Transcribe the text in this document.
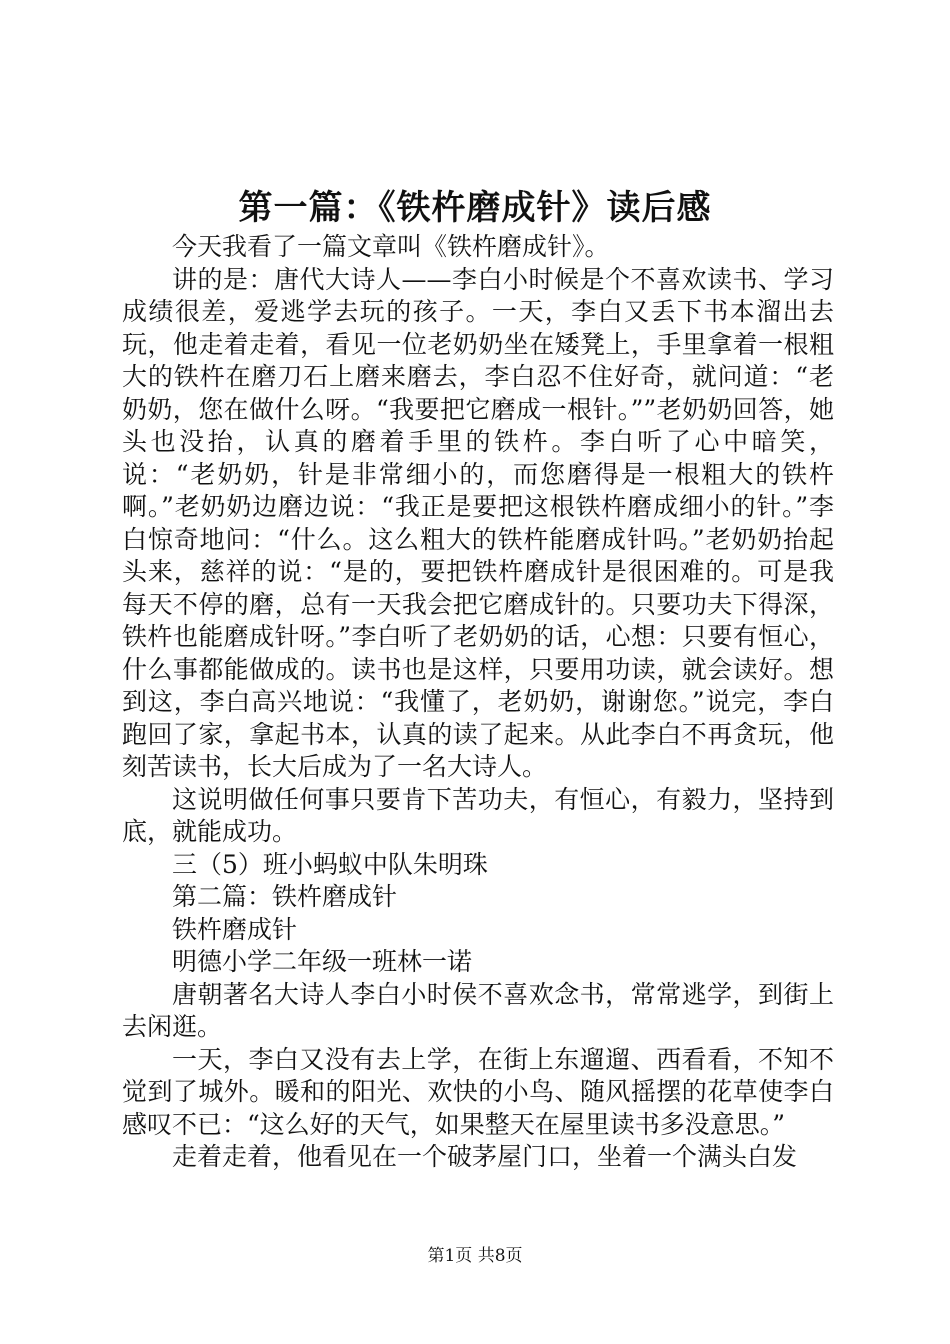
第一篇：《铁杵磨成针》读后感

今天我看了一篇文章叫《铁杵磨成针》。

讲的是：唐代大诗人——李白小时候是个不喜欢读书、学习成绩很差，爱逃学去玩的孩子。一天，李白又丢下书本溜出去玩，他走着走着，看见一位老奶奶坐在矮凳上，手里拿着一根粗大的铁杵在磨刀石上磨来磨去，李白忍不住好奇，就问道：“老奶奶，您在做什么呀。“我要把它磨成一根针。””老奶奶回答，她头也没抬，认真的磨着手里的铁杵。李白听了心中暗笑，说：“老奶奶，针是非常细小的，而您磨得是一根粗大的铁杵啊。”老奶奶边磨边说：“我正是要把这根铁杵磨成细小的针。”李白惊奇地问：“什么。这么粗大的铁杵能磨成针吗。”老奶奶抬起头来，慈祥的说：“是的，要把铁杵磨成针是很困难的。可是我每天不停的磨，总有一天我会把它磨成针的。只要功夫下得深，铁杵也能磨成针呀。”李白听了老奶奶的话，心想：只要有恒心，什么事都能做成的。读书也是这样，只要用功读，就会读好。想到这，李白高兴地说：“我懂了，老奶奶，谢谢您。”说完，李白跑回了家，拿起书本，认真的读了起来。从此李白不再贪玩，他刻苦读书，长大后成为了一名大诗人。

这说明做任何事只要肯下苦功夫，有恒心，有毅力，坚持到底，就能成功。

三（5）班小蚂蚁中队朱明珠

第二篇：铁杵磨成针

铁杵磨成针

明德小学二年级一班林一诺

唐朝著名大诗人李白小时侯不喜欢念书，常常逃学，到街上去闲逛。

一天，李白又没有去上学，在街上东遛遛、西看看，不知不觉到了城外。暖和的阳光、欢快的小鸟、随风摇摆的花草使李白感叹不已：“这么好的天气，如果整天在屋里读书多没意思。”

走着走着，他看见在一个破茅屋门口，坐着一个满头白发

第1页 共8页
